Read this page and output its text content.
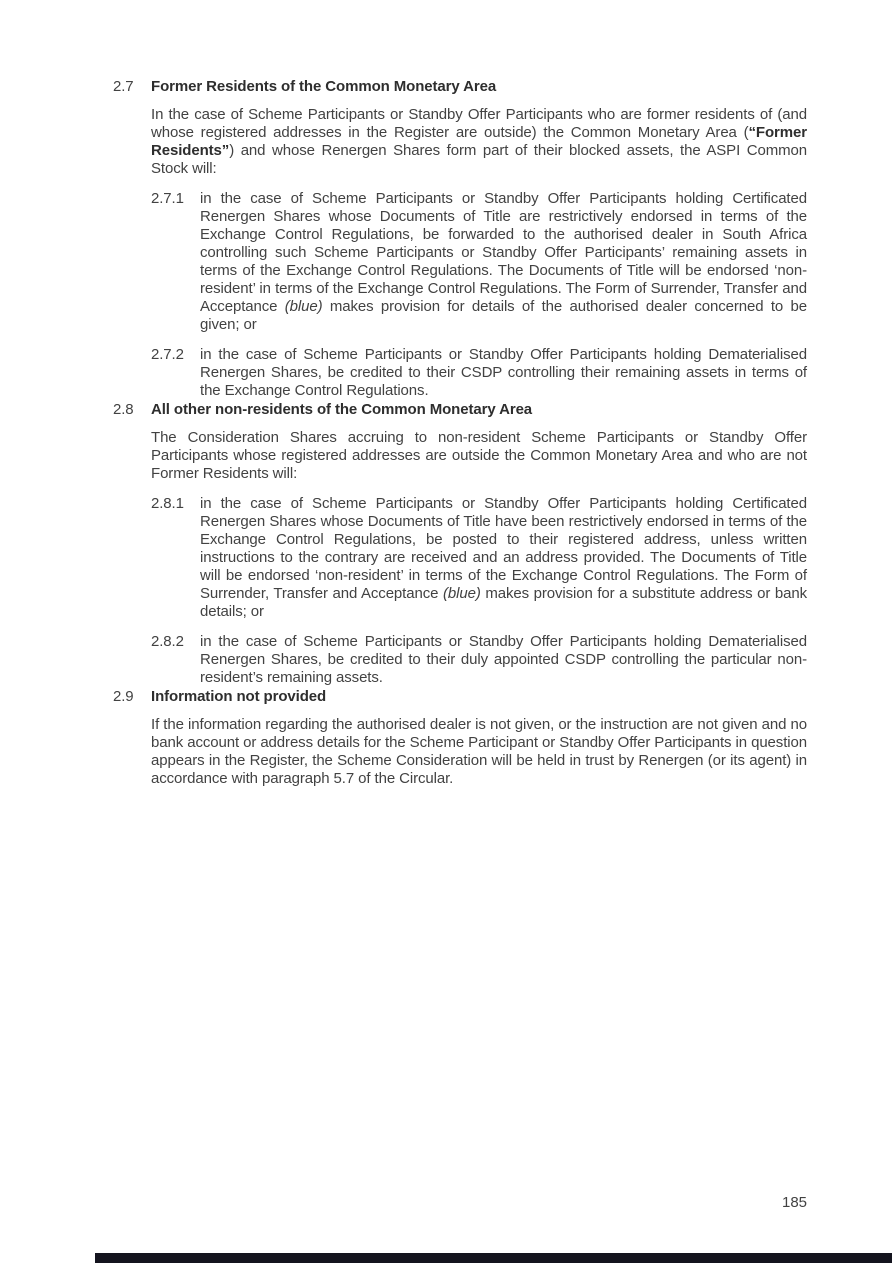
2.7	Former Residents of the Common Monetary Area

In the case of Scheme Participants or Standby Offer Participants who are former residents of (and whose registered addresses in the Register are outside) the Common Monetary Area (“Former Residents”) and whose Renergen Shares form part of their blocked assets, the ASPI Common Stock will:

2.7.1	in the case of Scheme Participants or Standby Offer Participants holding Certificated Renergen Shares whose Documents of Title are restrictively endorsed in terms of the Exchange Control Regulations, be forwarded to the authorised dealer in South Africa controlling such Scheme Participants or Standby Offer Participants’ remaining assets in terms of the Exchange Control Regulations. The Documents of Title will be endorsed ‘non-resident’ in terms of the Exchange Control Regulations. The Form of Surrender, Transfer and Acceptance (blue) makes provision for details of the authorised dealer concerned to be given; or

2.7.2	in the case of Scheme Participants or Standby Offer Participants holding Dematerialised Renergen Shares, be credited to their CSDP controlling their remaining assets in terms of the Exchange Control Regulations.

2.8	All other non-residents of the Common Monetary Area

The Consideration Shares accruing to non-resident Scheme Participants or Standby Offer Participants whose registered addresses are outside the Common Monetary Area and who are not Former Residents will:

2.8.1	in the case of Scheme Participants or Standby Offer Participants holding Certificated Renergen Shares whose Documents of Title have been restrictively endorsed in terms of the Exchange Control Regulations, be posted to their registered address, unless written instructions to the contrary are received and an address provided. The Documents of Title will be endorsed ‘non-resident’ in terms of the Exchange Control Regulations. The Form of Surrender, Transfer and Acceptance (blue) makes provision for a substitute address or bank details; or

2.8.2	in the case of Scheme Participants or Standby Offer Participants holding Dematerialised Renergen Shares, be credited to their duly appointed CSDP controlling the particular non-resident’s remaining assets.

2.9	Information not provided

If the information regarding the authorised dealer is not given, or the instruction are not given and no bank account or address details for the Scheme Participant or Standby Offer Participants in question appears in the Register, the Scheme Consideration will be held in trust by Renergen (or its agent) in accordance with paragraph 5.7 of the Circular.

185
